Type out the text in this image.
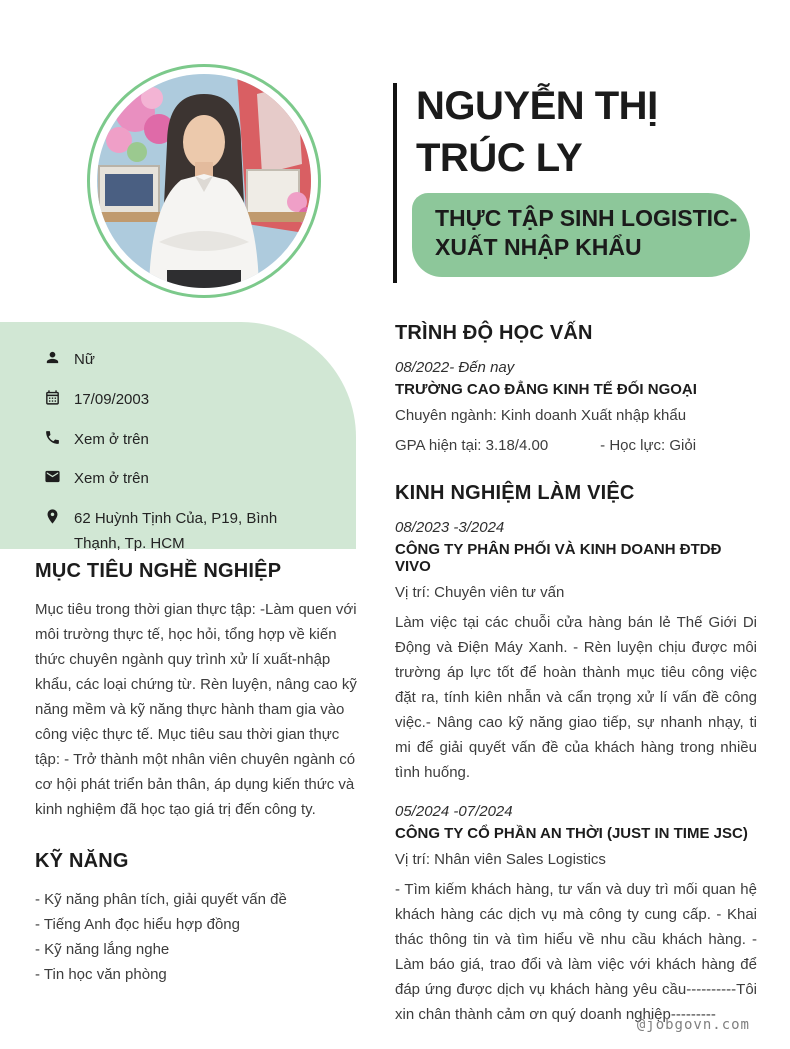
NGUYỄN THỊ
TRÚC LY
THỰC TẬP SINH LOGISTIC-
XUẤT NHẬP KHẨU
Nữ
17/09/2003
Xem ở trên
Xem ở trên
62 Huỳnh Tịnh Của, P19, Bình Thạnh, Tp. HCM
MỤC TIÊU NGHỀ NGHIỆP

Mục tiêu trong thời gian thực tập: -Làm quen với môi trường thực tế, học hỏi, tổng hợp về kiến thức chuyên ngành quy trình xử lí xuất-nhập khẩu, các loại chứng từ. Rèn luyện, nâng cao kỹ năng mềm và kỹ năng thực hành tham gia vào công việc thực tế. Mục tiêu sau thời gian thực tập: - Trở thành một nhân viên chuyên ngành có cơ hội phát triển bản thân, áp dụng kiến thức và kinh nghiệm đã học tạo giá trị đến công ty.

KỸ NĂNG
- Kỹ năng phân tích, giải quyết vấn đề
- Tiếng Anh đọc hiểu hợp đồng
- Kỹ năng lắng nghe
- Tin học văn phòng
TRÌNH ĐỘ HỌC VẤN

08/2022- Đến nay

TRƯỜNG CAO ĐẲNG KINH TẾ ĐỐI NGOẠI

Chuyên ngành: Kinh doanh Xuất nhập khẩu

GPA hiện tại: 3.18/4.00	- Học lực: Giỏi

KINH NGHIỆM LÀM VIỆC

08/2023 -3/2024

CÔNG TY PHÂN PHỐI VÀ KINH DOANH ĐTDĐ VIVO

Vị trí: Chuyên viên tư vấn

Làm việc tại các chuỗi cửa hàng bán lẻ Thế Giới Di Động và Điện Máy Xanh. - Rèn luyện chịu được môi trường áp lực tốt để hoàn thành mục tiêu công việc đặt ra, tính kiên nhẫn và cẩn trọng xử lí vấn đề công việc.- Nâng cao kỹ năng giao tiếp, sự nhanh nhạy, ti mi để giải quyết vấn đề của khách hàng trong nhiều tình huống.

05/2024 -07/2024

CÔNG TY CỔ PHẦN AN THỜI (JUST IN TIME JSC)

Vị trí: Nhân viên Sales Logistics

- Tìm kiếm khách hàng, tư vấn và duy trì mối quan hệ khách hàng các dịch vụ mà công ty cung cấp. - Khai thác thông tin và tìm hiểu về nhu cầu khách hàng. - Làm báo giá, trao đổi và làm việc với khách hàng để đáp ứng được dịch vụ khách hàng yêu cầu----------Tôi xin chân thành cảm ơn quý doanh nghiệp---------

@jobgovn.com
